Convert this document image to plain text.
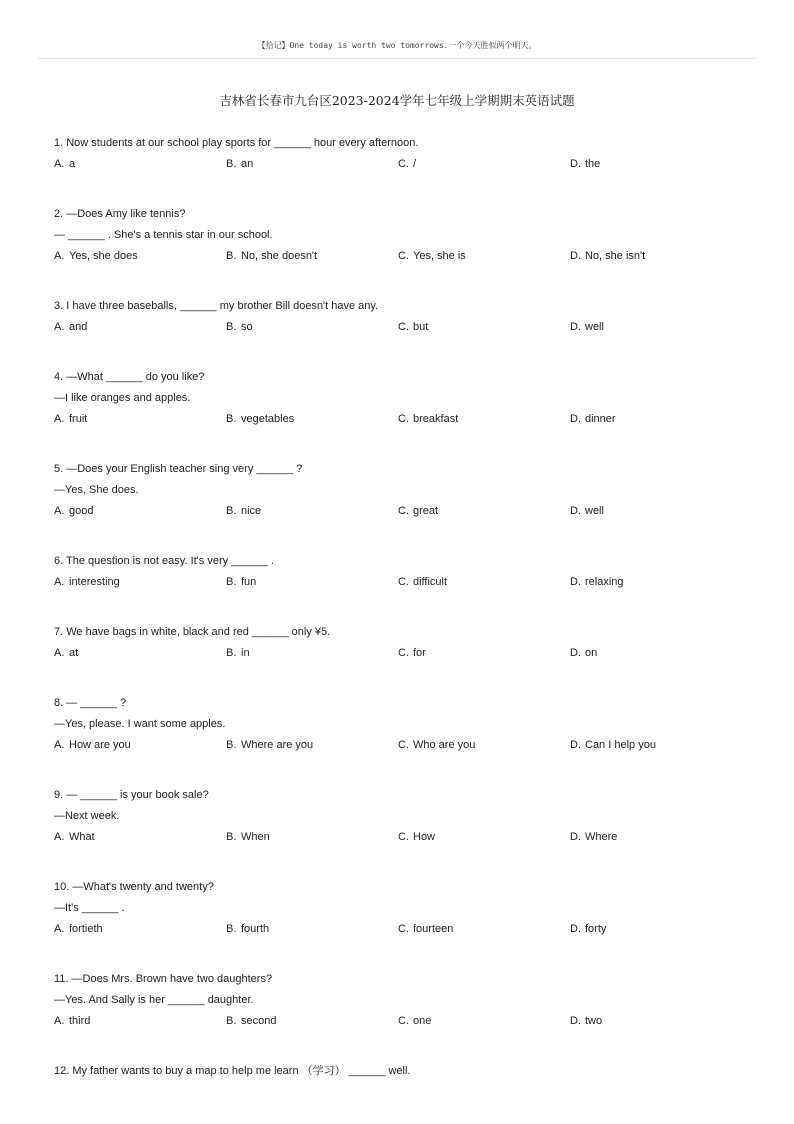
【拾记】One today is worth two tomorrows.一个今天胜似两个明天。
吉林省长春市九台区2023-2024学年七年级上学期期末英语试题
1. Now students at our school play sports for ______ hour every afternoon.
A. a	B. an	C. /	D. the
2. —Does Amy like tennis?
— ______ . She's a tennis star in our school.
A. Yes, she does	B. No, she doesn't	C. Yes, she is	D. No, she isn't
3. I have three baseballs, ______ my brother Bill doesn't have any.
A. and	B. so	C. but	D. well
4. —What ______ do you like?
—I like oranges and apples.
A. fruit	B. vegetables	C. breakfast	D. dinner
5. —Does your English teacher sing very ______ ?
—Yes, She does.
A. good	B. nice	C. great	D. well
6. The question is not easy. It's very ______ .
A. interesting	B. fun	C. difficult	D. relaxing
7. We have bags in white, black and red ______ only ¥5.
A. at	B. in	C. for	D. on
8. — ______ ?
—Yes, please. I want some apples.
A. How are you	B. Where are you	C. Who are you	D. Can I help you
9. — ______ is your book sale?
—Next week.
A. What	B. When	C. How	D. Where
10. —What's twenty and twenty?
—It's ______ .
A. fortieth	B. fourth	C. fourteen	D. forty
11. —Does Mrs. Brown have two daughters?
—Yes. And Sally is her ______ daughter.
A. third	B. second	C. one	D. two
12. My father wants to buy a map to help me learn （学习） ______ well.
